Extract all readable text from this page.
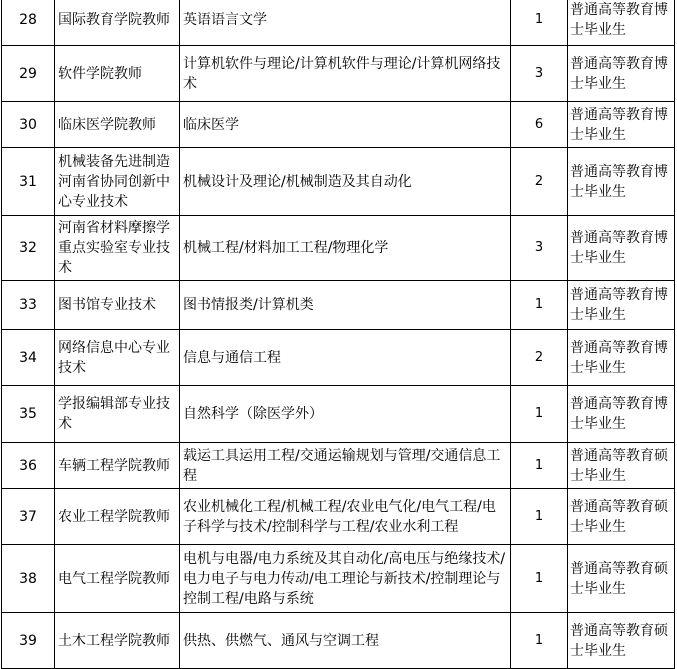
28	国际教育学院教师	英语语言文学	1	普通高等教育博士毕业生
29	软件学院教师	计算机软件与理论/计算机软件与理论/计算机网络技术	3	普通高等教育博士毕业生
30	临床医学院教师	临床医学	6	普通高等教育博士毕业生
31	机械装备先进制造河南省协同创新中心专业技术	机械设计及理论/机械制造及其自动化	2	普通高等教育博士毕业生
32	河南省材料摩擦学重点实验室专业技术	机械工程/材料加工工程/物理化学	3	普通高等教育博士毕业生
33	图书馆专业技术	图书情报类/计算机类	1	普通高等教育博士毕业生
34	网络信息中心专业技术	信息与通信工程	2	普通高等教育博士毕业生
35	学报编辑部专业技术	自然科学（除医学外）	1	普通高等教育博士毕业生
36	车辆工程学院教师	载运工具运用工程/交通运输规划与管理/交通信息工程	1	普通高等教育硕士毕业生
37	农业工程学院教师	农业机械化工程/机械工程/农业电气化/电气工程/电子科学与技术/控制科学与工程/农业水利工程	1	普通高等教育硕士毕业生
38	电气工程学院教师	电机与电器/电力系统及其自动化/高电压与绝缘技术/电力电子与电力传动/电工理论与新技术/控制理论与控制工程/电路与系统	1	普通高等教育硕士毕业生
39	土木工程学院教师	供热、供燃气、通风与空调工程	1	普通高等教育硕士毕业生
